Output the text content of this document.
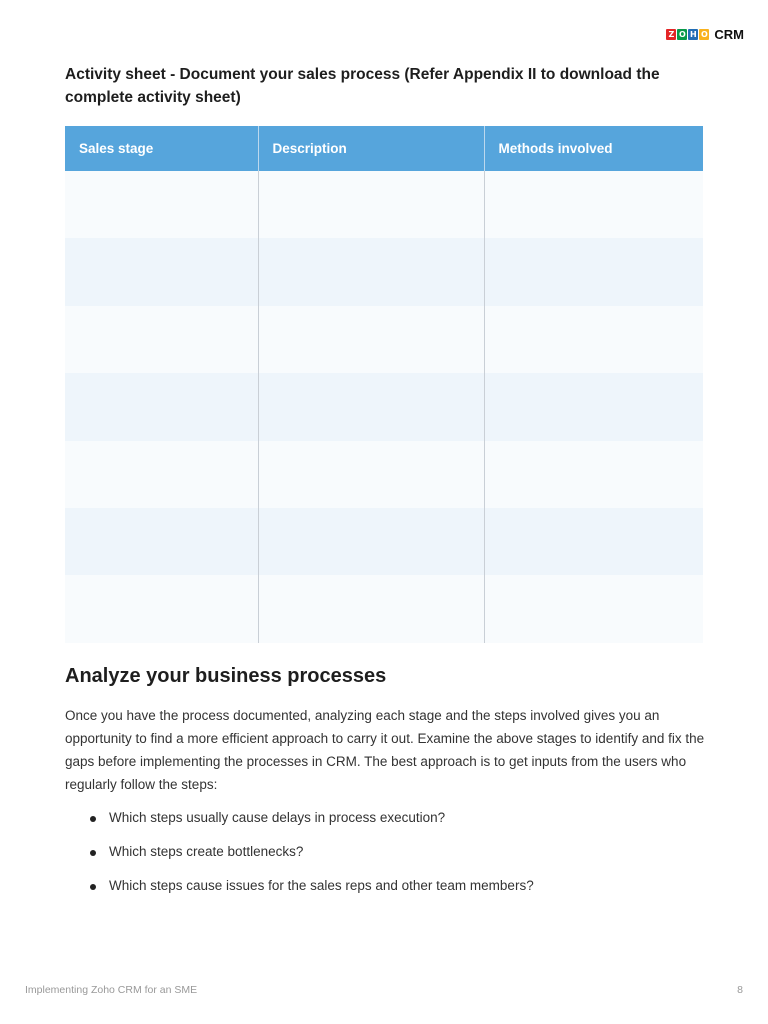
Z O H O CRM
Activity sheet - Document your sales process (Refer Appendix II to download the complete activity sheet)
Sales stage	Description	Methods involved

Analyze your business processes

Once you have the process documented, analyzing each stage and the steps involved gives you an opportunity to find a more efficient approach to carry it out. Examine the above stages to identify and fix the gaps before implementing the processes in CRM. The best approach is to get inputs from the users who regularly follow the steps:

Which steps usually cause delays in process execution?
Which steps create bottlenecks?
Which steps cause issues for the sales reps and other team members?
Implementing Zoho CRM for an SME	8
